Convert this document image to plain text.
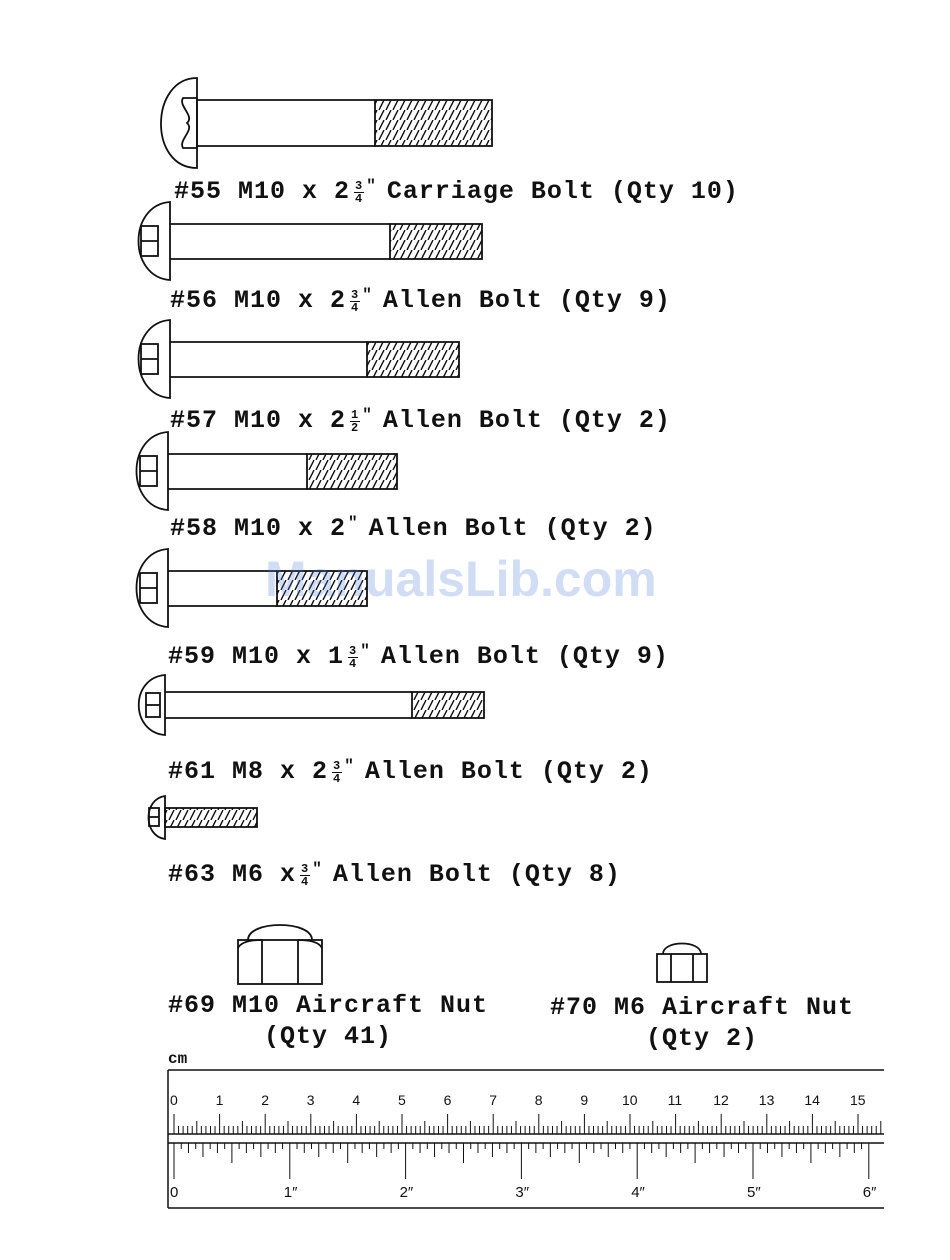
#55 M10 x $2 \frac{3}{4} ^"$ Carriage Bolt (Qty 10)
#56 M10 x $2 \frac{3}{4} ^"$ Allen Bolt (Qty 9)
#57 M10 x $2 \frac{1}{2} ^"$ Allen Bolt (Qty 2)
#58 M10 x 2 " Allen Bolt (Qty 2)
#59 M10 x $1 \frac{3}{4} ^"$ Allen Bolt (Qty 9)
#61 M8 x $2 \frac{3}{4} ^"$ Allen Bolt (Qty 2)
#63 M6 x $\frac{3}{4} ^"$ Allen Bolt (Qty 8)
#69 M10 Aircraft Nut
(Qty 41)
#70 M6 Aircraft Nut
(Qty 2)
ManualsLib.com
cm
0	1	2	3	4	5	6	7	8	9 10 11 12 13 14 15
0	1″	2″	3″	4″	5″	6″
